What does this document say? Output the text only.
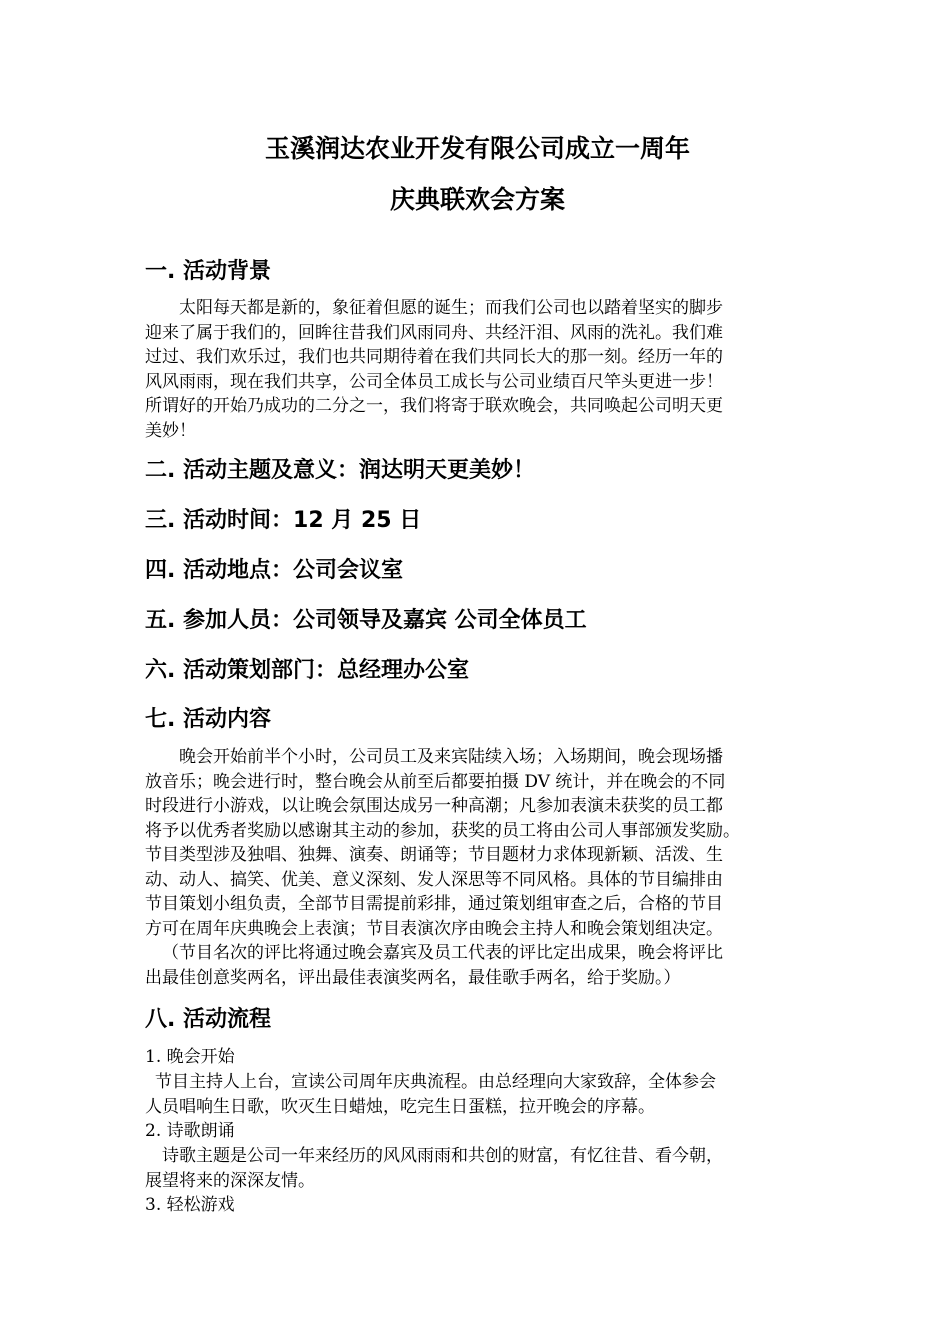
玉溪润达农业开发有限公司成立一周年
庆典联欢会方案
一. 活动背景
太阳每天都是新的，象征着但愿的诞生；而我们公司也以踏着坚实的脚步
迎来了属于我们的，回眸往昔我们风雨同舟、共经汗泪、风雨的洗礼。我们难
过过、我们欢乐过，我们也共同期待着在我们共同长大的那一刻。经历一年的
风风雨雨，现在我们共享，公司全体员工成长与公司业绩百尺竿头更进一步！
所谓好的开始乃成功的二分之一，我们将寄于联欢晚会，共同唤起公司明天更
美妙！
二. 活动主题及意义：润达明天更美妙！
三. 活动时间：12 月 25 日
四. 活动地点：公司会议室
五. 参加人员：公司领导及嘉宾 公司全体员工
六. 活动策划部门：总经理办公室
七. 活动内容
晚会开始前半个小时，公司员工及来宾陆续入场；入场期间，晚会现场播
放音乐；晚会进行时，整台晚会从前至后都要拍摄 DV 统计，并在晚会的不同
时段进行小游戏，以让晚会氛围达成另一种高潮；凡参加表演未获奖的员工都
将予以优秀者奖励以感谢其主动的参加，获奖的员工将由公司人事部颁发奖励。
节目类型涉及独唱、独舞、演奏、朗诵等；节目题材力求体现新颖、活泼、生
动、动人、搞笑、优美、意义深刻、发人深思等不同风格。具体的节目编排由
节目策划小组负责，全部节目需提前彩排，通过策划组审查之后，合格的节目
方可在周年庆典晚会上表演；节目表演次序由晚会主持人和晚会策划组决定。
（节目名次的评比将通过晚会嘉宾及员工代表的评比定出成果，晚会将评比
出最佳创意奖两名，评出最佳表演奖两名，最佳歌手两名，给于奖励。）
八. 活动流程
1. 晚会开始
节目主持人上台，宣读公司周年庆典流程。由总经理向大家致辞，全体参会
人员唱响生日歌，吹灭生日蜡烛，吃完生日蛋糕，拉开晚会的序幕。
2. 诗歌朗诵
诗歌主题是公司一年来经历的风风雨雨和共创的财富，有忆往昔、看今朝，
展望将来的深深友情。
3. 轻松游戏
